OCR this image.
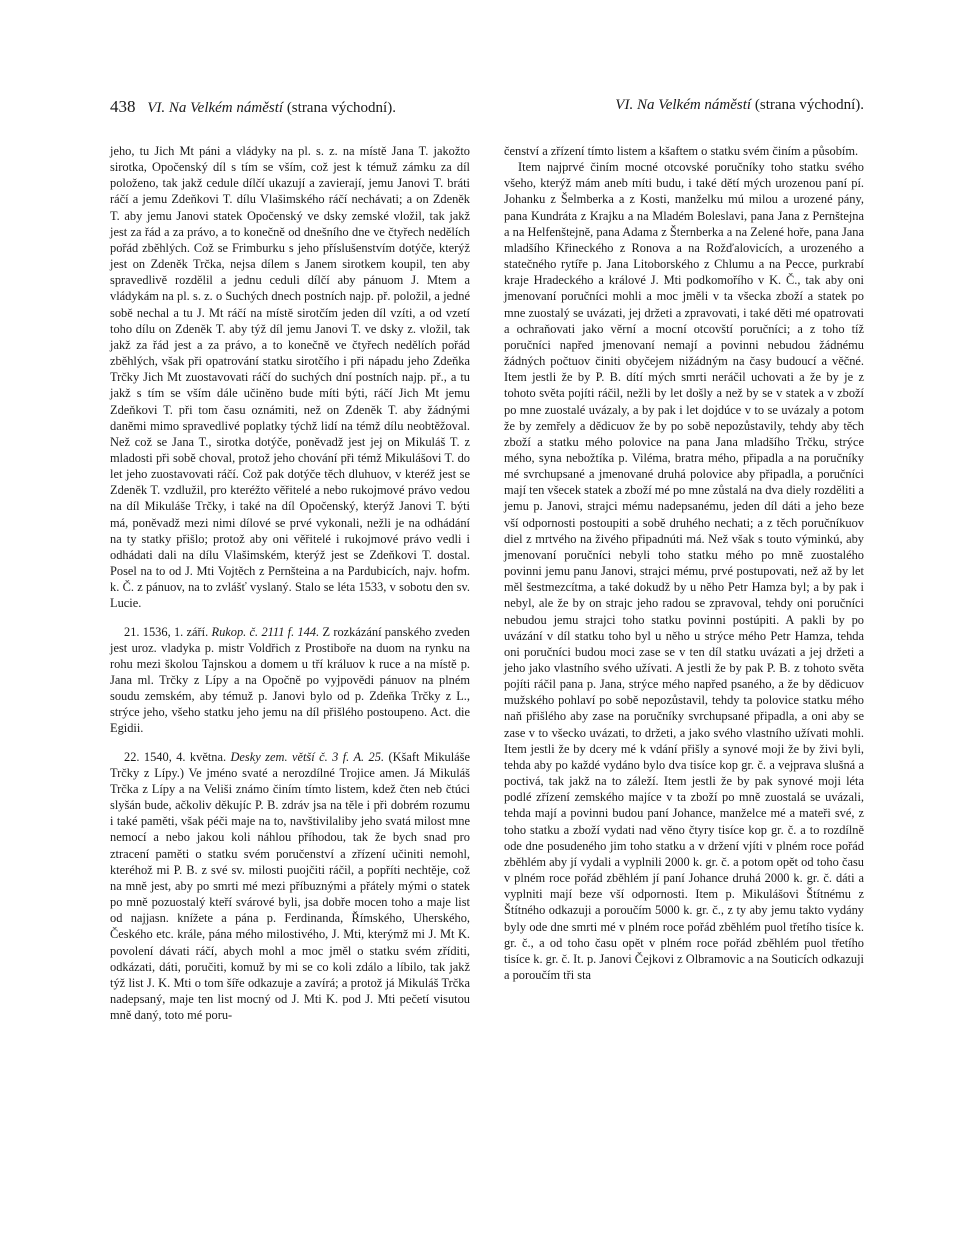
438 VI. Na Velkém náměstí (strana východní).	VI. Na Velkém náměstí (strana východní).

jeho, tu Jich Mt páni a vládyky na pl. s. z. na místě Jana T. jakožto sirotka, Opočenský díl s tím se vším, což jest k témuž zámku za díl položeno, tak jakž cedule dílčí ukazují a zavierají, jemu Janovi T. bráti ráčí a jemu Zdeňkovi T. dílu Vlašimského ráčí nechávati; a on Zdeněk T. aby jemu Janovi statek Opočenský ve dsky zemské vložil, tak jakž jest za řád a za právo, a to konečně od dnešního dne ve čtyřech nedělích pořád zběhlých. Což se Frimburku s jeho příslušenstvím dotýče, kterýž jest on Zdeněk Trčka, nejsa dílem s Janem sirotkem koupil, ten aby spravedlivě rozdělil a jednu ceduli dílčí aby pánuom J. Mtem a vládykám na pl. s. z. o Suchých dnech postních najp. př. položil, a jedné sobě nechal a tu J. Mt ráčí na místě sirotčím jeden díl vzíti, a od vzetí toho dílu on Zdeněk T. aby týž díl jemu Janovi T. ve dsky z. vložil, tak jakž za řád jest a za právo, a to konečně ve čtyřech nedělích pořád zběhlých, však při opatrování statku sirotčího i při nápadu jeho Zdeňka Trčky Jich Mt zuostavovati ráčí do suchých dní postních najp. př., a tu jakž s tím se vším dále učiněno bude míti býti, ráčí Jich Mt jemu Zdeňkovi T. při tom času oznámiti, než on Zdeněk T. aby žádnými daněmi mimo spravedlivé poplatky týchž lidí na témž dílu neobtěžoval. Než což se Jana T., sirotka dotýče, poněvadž jest jej on Mikuláš T. z mladosti při sobě choval, protož jeho chování při témž Mikulášovi T. do let jeho zuostavovati ráčí. Což pak dotýče těch dluhuov, v kteréž jest se Zdeněk T. vzdlužil, pro kteréžto věřitelé a nebo rukojmové právo vedou na díl Mikuláše Trčky, i také na díl Opočenský, kterýž Janovi T. býti má, poněvadž mezi nimi dílové se prvé vykonali, nežli je na odhádání na ty statky přišlo; protož aby oni věřitelé i rukojmové právo vedli i odhádati dali na dílu Vlašimském, kterýž jest se Zdeňkovi T. dostal. Posel na to od J. Mti Vojtěch z Pernšteina a na Pardubicích, najv. hofm. k. Č. z pánuov, na to zvlášť vyslaný. Stalo se léta 1533, v sobotu den sv. Lucie.

21. 1536, 1. září. Rukop. č. 2111 f. 144. Z rozkázání panského zveden jest uroz. vladyka p. mistr Voldřich z Prostiboře na duom na rynku na rohu mezi školou Tajnskou a domem u tří králuov k ruce a na místě p. Jana ml. Trčky z Lípy a na Opočně po vyjpovědi pánuov na plném soudu zemském, aby témuž p. Janovi bylo od p. Zdeňka Trčky z L., strýce jeho, všeho statku jeho jemu na díl přišlého postoupeno. Act. die Egidii.

22. 1540, 4. května. Desky zem. větší č. 3 f. A. 25. (Kšaft Mikuláše Trčky z Lípy.) Ve jméno svaté a nerozdílné Trojice amen. Já Mikuláš Trčka z Lípy a na Veliši známo činím tímto listem, kdež čten neb čtúci slyšán bude, ačkoliv děkujíc P. B. zdráv jsa na těle i při dobrém rozumu i také paměti, však péči maje na to, navštivilaliby jeho svatá milost mne nemocí a nebo jakou koli náhlou příhodou, tak že bych snad pro ztracení paměti o statku svém poručenství a zřízení učiniti nemohl, kteréhož mi P. B. z své sv. milosti puojčiti ráčil, a popříti nechtěje, což na mně jest, aby po smrti mé mezi příbuznými a přátely mými o statek po mně pozuostalý kteří svárové byli, jsa dobře mocen toho a maje list od najjasn. knížete a pána p. Ferdinanda, Římského, Uherského, Českého etc. krále, pána mého milostivého, J. Mti, kterýmž mi J. Mt K. povolení dávati ráčí, abych mohl a moc jměl o statku svém zříditi, odkázati, dáti, poručiti, komuž by mi se co koli zdálo a líbilo, tak jakž týž list J. K. Mti o tom šíře odkazuje a zavírá; a protož já Mikuláš Trčka nadepsaný, maje ten list mocný od J. Mti K. pod J. Mti pečetí visutou mně daný, toto mé poru-

čenství a zřízení tímto listem a kšaftem o statku svém činím a působím.

Item najprvé činím mocné otcovské poručníky toho statku svého všeho, kterýž mám aneb míti budu, i také dětí mých urozenou paní pí. Johanku z Šelmberka a z Kosti, manželku mú milou a urozené pány, pana Kundráta z Krajku a na Mladém Boleslavi, pana Jana z Pernštejna a na Helfenštejně, pana Adama z Šternberka a na Zelené hoře, pana Jana mladšího Křineckého z Ronova a na Rožďalovicích, a urozeného a statečného rytíře p. Jana Litoborského z Chlumu a na Pecce, purkrabí kraje Hradeckého a králové J. Mti podkomořího v K. Č., tak aby oni jmenovaní poručníci mohli a moc jměli v ta všecka zboží a statek po mne zuostalý se uvázati, jej držeti a zpravovati, i také děti mé opatrovati a ochraňovati jako věrní a mocní otcovští poručníci; a z toho tíž poručníci napřed jmenovaní nemají a povinni nebudou žádnému žádných počtuov činiti obyčejem nižádným na časy budoucí a věčné. Item jestli že by P. B. dítí mých smrti neráčil uchovati a že by je z tohoto světa pojíti ráčil, nežli by let došly a než by se v statek a v zboží po mne zuostalé uvázaly, a by pak i let dojdúce v to se uvázaly a potom že by zemřely a dědicuov že by po sobě nepozůstavily, tehdy aby těch zboží a statku mého polovice na pana Jana mladšího Trčku, strýce mého, syna nebožtíka p. Viléma, bratra mého, připadla a na poručníky mé svrchupsané a jmenované druhá polovice aby připadla, a poručníci mají ten všecek statek a zboží mé po mne zůstalá na dva diely rozděliti a jemu p. Janovi, strajci mému nadepsanému, jeden díl dáti a jeho beze vší odpornosti postoupiti a sobě druhého nechati; a z těch poručníkuov diel z mrtvého na živého připadnúti má. Než však s touto výminkú, aby jmenovaní poručníci nebyli toho statku mého po mně zuostalého povinni jemu panu Janovi, strajci mému, prvé postupovati, než až by let měl šestmezcítma, a také dokudž by u něho Petr Hamza byl; a by pak i nebyl, ale že by on strajc jeho radou se zpravoval, tehdy oni poručníci nebudou jemu strajci toho statku povinni postúpiti. A pakli by po uvázání v díl statku toho byl u něho u strýce mého Petr Hamza, tehda oni poručníci budou moci zase se v ten díl statku uvázati a jej držeti a jeho jako vlastního svého užívati. A jestli že by pak P. B. z tohoto světa pojíti ráčil pana p. Jana, strýce mého napřed psaného, a že by dědicuov mužského pohlaví po sobě nepozůstavil, tehdy ta polovice statku mého naň přišlého aby zase na poručníky svrchupsané připadla, a oni aby se zase v to všecko uvázati, to držeti, a jako svého vlastního užívati mohli. Item jestli že by dcery mé k vdání přišly a synové moji že by živi byli, tehda aby po každé vydáno bylo dva tisíce kop gr. č. a vejprava slušná a poctivá, tak jakž na to záleží. Item jestli že by pak synové moji léta podlé zřízení zemského majíce v ta zboží po mně zuostalá se uvázali, tehda mají a povinni budou paní Johance, manželce mé a mateři své, z toho statku a zboží vydati nad věno čtyry tisíce kop gr. č. a to rozdílně ode dne posudeného jim toho statku a v držení vjíti v plném roce pořád zběhlém aby jí vydali a vyplnili 2000 k. gr. č. a potom opět od toho času v plném roce pořád zběhlém jí paní Johance druhá 2000 k. gr. č. dáti a vyplniti mají beze vší odpornosti. Item p. Mikulášovi Štítnému z Štítného odkazuji a poroučím 5000 k. gr. č., z ty aby jemu takto vydány byly ode dne smrti mé v plném roce pořád zběhlém puol třetího tisíce k. gr. č., a od toho času opět v plném roce pořád zběhlém puol třetího tisíce k. gr. č. It. p. Janovi Čejkovi z Olbramovic a na Souticích odkazuji a poroučím tři sta
